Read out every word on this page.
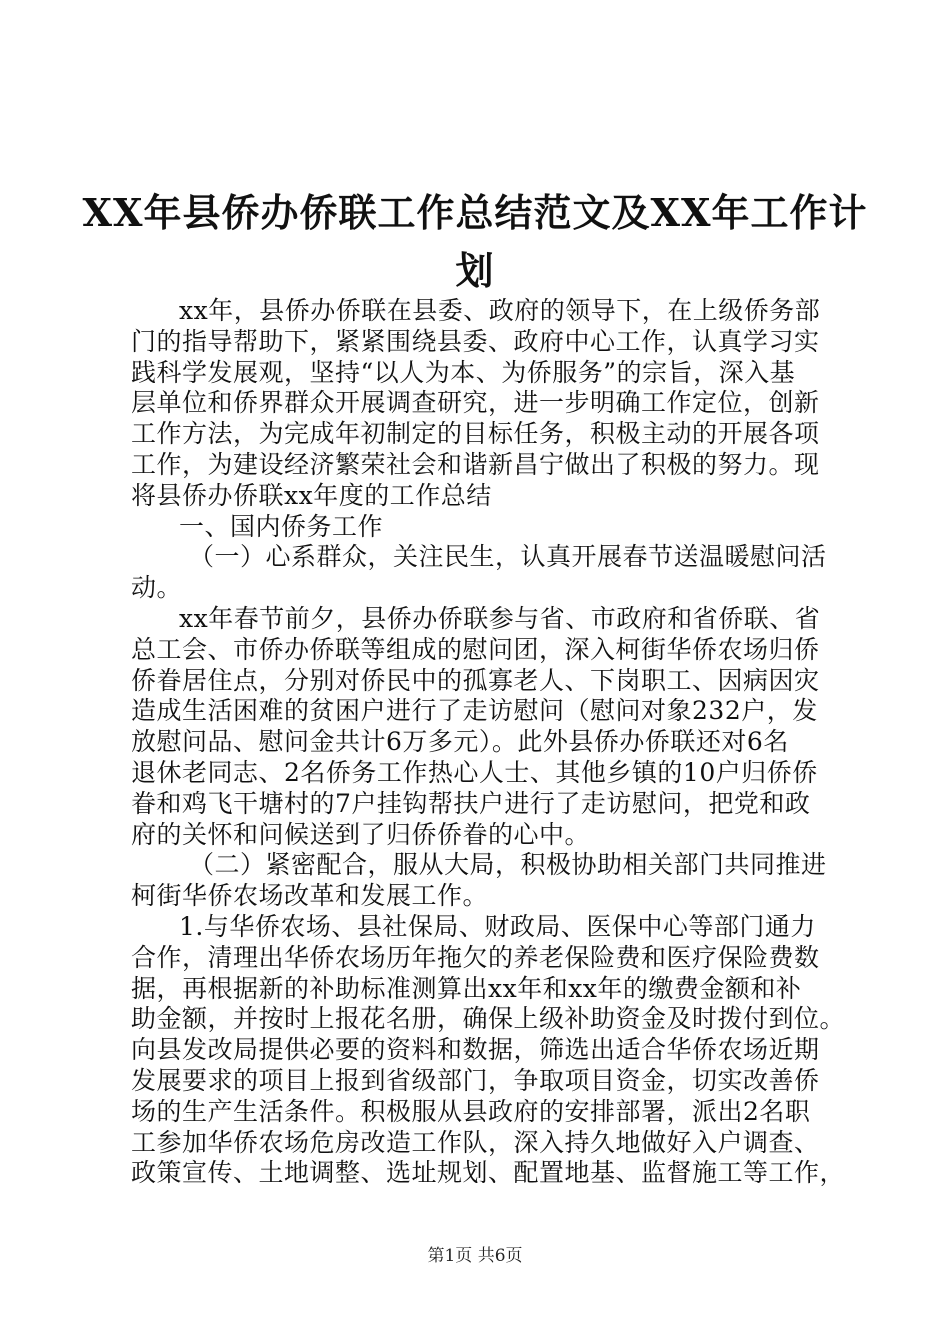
XX年县侨办侨联工作总结范文及XX年工作计
划
xx年，县侨办侨联在县委、政府的领导下，在上级侨务部
门的指导帮助下，紧紧围绕县委、政府中心工作，认真学习实
践科学发展观，坚持“以人为本、为侨服务”的宗旨，深入基
层单位和侨界群众开展调查研究，进一步明确工作定位，创新
工作方法，为完成年初制定的目标任务，积极主动的开展各项
工作，为建设经济繁荣社会和谐新昌宁做出了积极的努力。现
将县侨办侨联xx年度的工作总结
一、国内侨务工作
（一）心系群众，关注民生，认真开展春节送温暖慰问活
动。
xx年春节前夕，县侨办侨联参与省、市政府和省侨联、省
总工会、市侨办侨联等组成的慰问团，深入柯街华侨农场归侨
侨眷居住点，分别对侨民中的孤寡老人、下岗职工、因病因灾
造成生活困难的贫困户进行了走访慰问（慰问对象232户，发
放慰问品、慰问金共计6万多元）。此外县侨办侨联还对6名
退休老同志、2名侨务工作热心人士、其他乡镇的10户归侨侨
眷和鸡飞干塘村的7户挂钩帮扶户进行了走访慰问，把党和政
府的关怀和问候送到了归侨侨眷的心中。
（二）紧密配合，服从大局，积极协助相关部门共同推进
柯街华侨农场改革和发展工作。
1.与华侨农场、县社保局、财政局、医保中心等部门通力
合作，清理出华侨农场历年拖欠的养老保险费和医疗保险费数
据，再根据新的补助标准测算出xx年和xx年的缴费金额和补
助金额，并按时上报花名册，确保上级补助资金及时拨付到位。
向县发改局提供必要的资料和数据，筛选出适合华侨农场近期
发展要求的项目上报到省级部门，争取项目资金，切实改善侨
场的生产生活条件。积极服从县政府的安排部署，派出2名职
工参加华侨农场危房改造工作队，深入持久地做好入户调查、
政策宣传、土地调整、选址规划、配置地基、监督施工等工作，
第1页 共6页
